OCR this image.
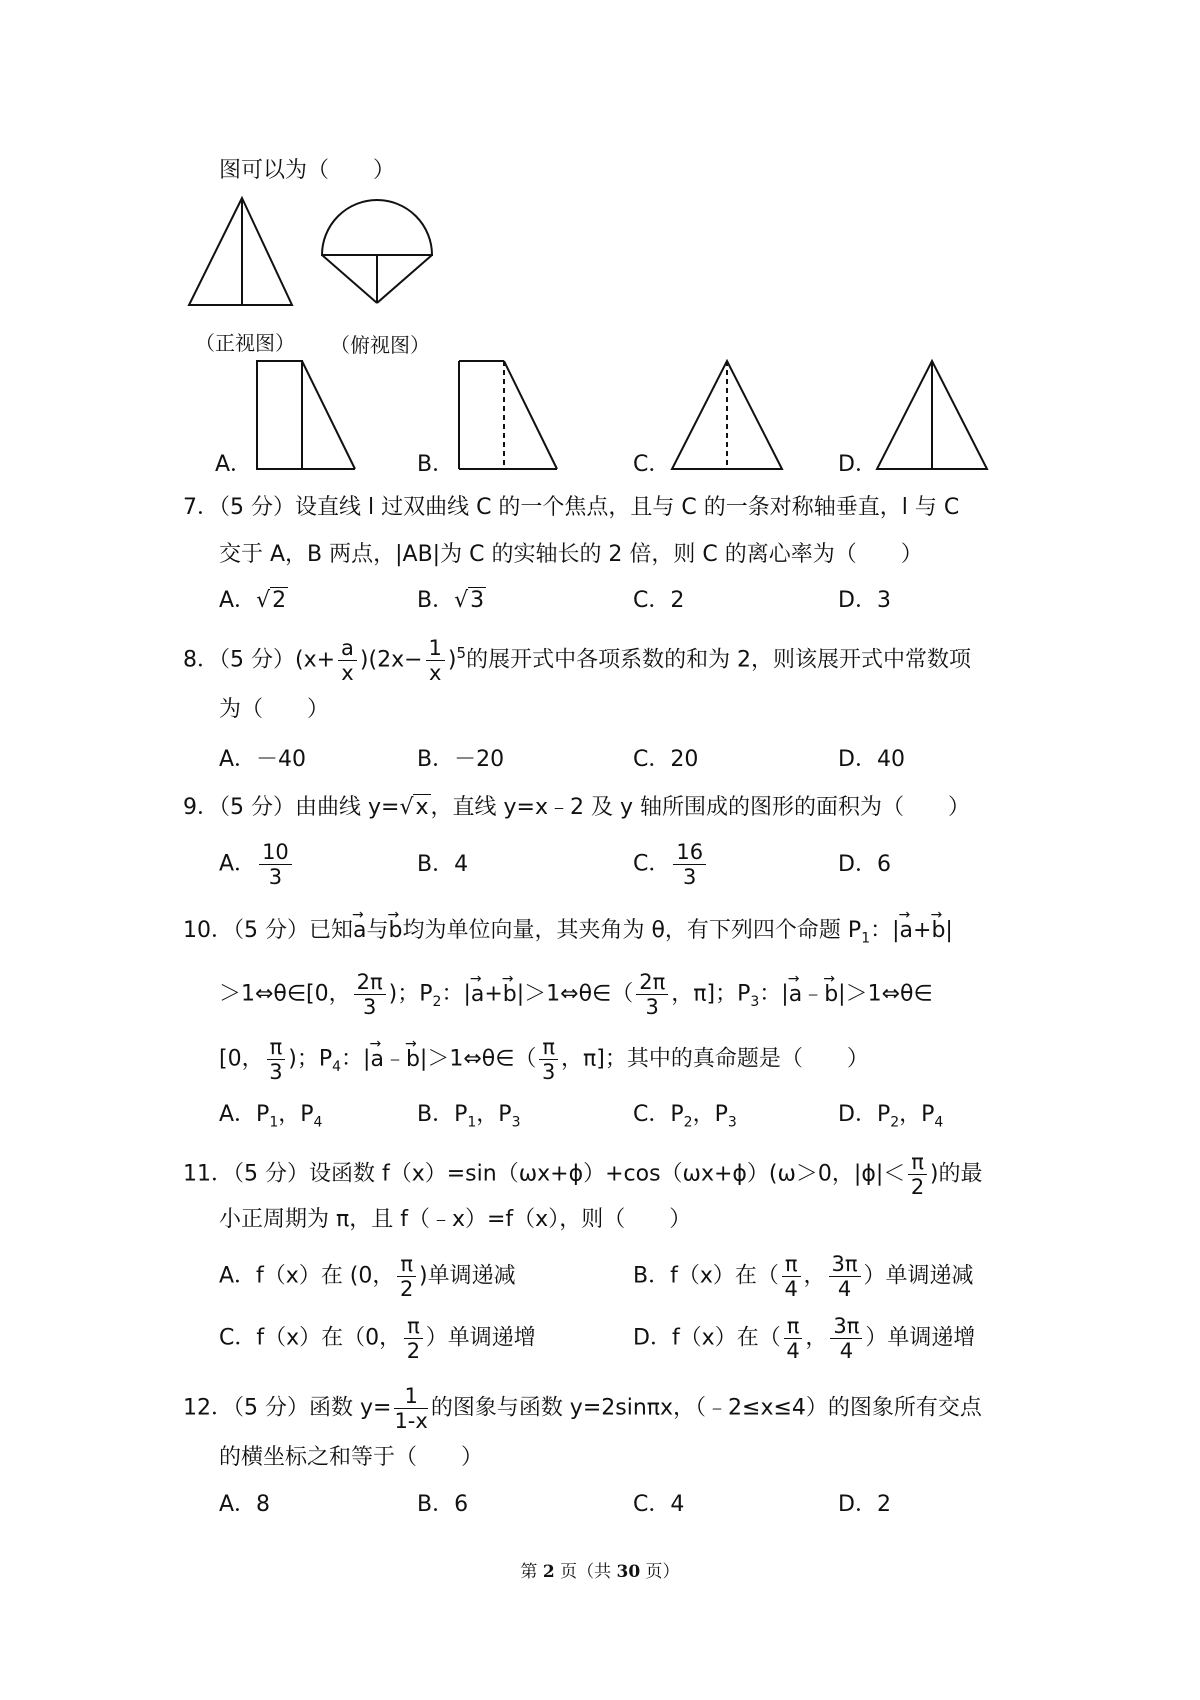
图可以为（　　）
（正视图） （俯视图）
A．	B．	C．	D．
7．（5 分）设直线 l 过双曲线 C 的一个焦点，且与 C 的一条对称轴垂直，l 与 C
交于 A，B 两点，|AB|为 C 的实轴长的 2 倍，则 C 的离心率为（　　）
A．√2	B．√3	C．2	D．3
8．（5 分）$(x+ \frac{a}{x} )(2x- \frac{1}{x} )^5$的展开式中各项系数的和为 2，则该展开式中常数项
为（　　）
A．－40	B．－20	C．20	D．40
9．（5 分）由曲线 y=√x，直线 y=x﹣2 及 y 轴所围成的图形的面积为（　　）
A． $\frac{10}{3}$	B．4	C． $\frac{16}{3}$	D．6
10．（5 分）已知→ a与→ b均为单位向量，其夹角为 θ，有下列四个命题 $P_1$：|→ a+→ b|
＞1⇔θ∈[0， $\frac{2\pi}{3}$ )；$P_2$：|→ a+→ b|＞1⇔θ∈（ $\frac{2\pi}{3}$ ，π]；$P_3$：|→ a﹣→ b|＞1⇔θ∈
[0， $\frac{\pi}{3}$ )；$P_4$：|→ a﹣→ b|＞1⇔θ∈（ $\frac{\pi}{3}$ ，π]；其中的真命题是（　　）
A．$P_1$，$P_4$	B．$P_1$，$P_3$	C．$P_2$，$P_3$	D．$P_2$，$P_4$
11．（5 分）设函数 f（x）=sin（ωx+ϕ）+cos（ωx+ϕ）(ω＞0，$|\phi|< \frac{\pi}{2}$ )的最
小正周期为 π，且 f（﹣x）=f（x），则（　　）
A．f（x）在 (0， $\frac{\pi}{2}$ )单调递减	B．f（x）在（ $\frac{\pi}{4}$ ， $\frac{3\pi}{4}$ ）单调递减
C．f（x）在（0， $\frac{\pi}{2}$ ）单调递增	D．f（x）在（ $\frac{\pi}{4}$ ， $\frac{3\pi}{4}$ ）单调递增
12．（5 分）函数 $y= \frac{1}{1-x}$ 的图象与函数 y=2sinπx，（﹣2≤x≤4）的图象所有交点
的横坐标之和等于（　　）
A．8	B．6	C．4	D．2
第 2 页（共 30 页）
